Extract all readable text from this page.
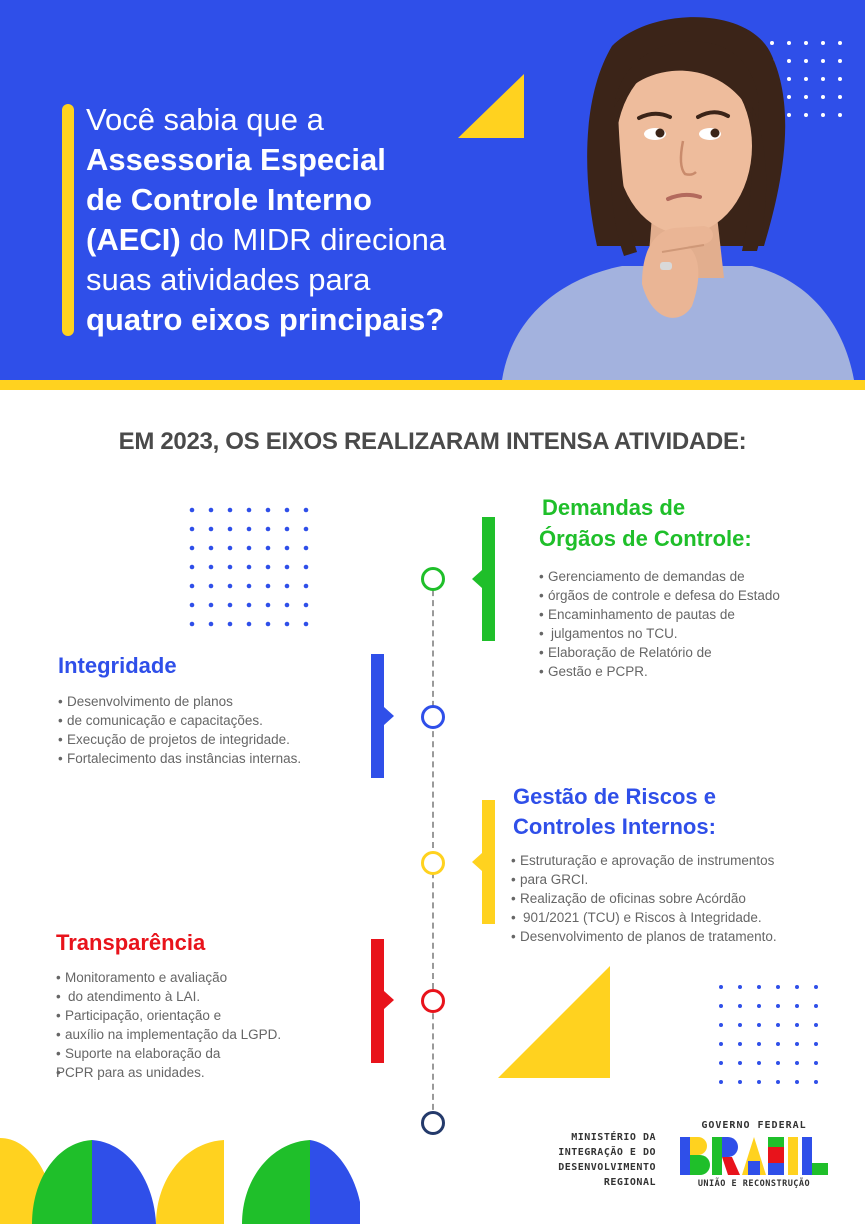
Você sabia que a
Assessoria Especial
de Controle Interno
(AECI) do MIDR direciona
suas atividades para
quatro eixos principais?
EM 2023, OS EIXOS REALIZARAM INTENSA ATIVIDADE:
Demandas de
Órgãos de Controle:
• Gerenciamento de demandas de
• órgãos de controle e defesa do Estado
• Encaminhamento de pautas de
• julgamentos no TCU.
• Elaboração de Relatório de
• Gestão e PCPR.
Integridade
• Desenvolvimento de planos
• de comunicação e capacitações.
• Execução de projetos de integridade.
• Fortalecimento das instâncias internas.
Gestão de Riscos e
Controles Internos:
• Estruturação e aprovação de instrumentos
• para GRCI.
• Realização de oficinas sobre Acórdão
• 901/2021 (TCU) e Riscos à Integridade.
• Desenvolvimento de planos de tratamento.
Transparência
• Monitoramento e avaliação
• do atendimento à LAI.
• Participação, orientação e
• auxílio na implementação da LGPD.
• Suporte na elaboração da
• PCPR para as unidades.
MINISTÉRIO DA
INTEGRAÇÃO E DO
DESENVOLVIMENTO
REGIONAL
GOVERNO FEDERAL
UNIÃO E RECONSTRUÇÃO
